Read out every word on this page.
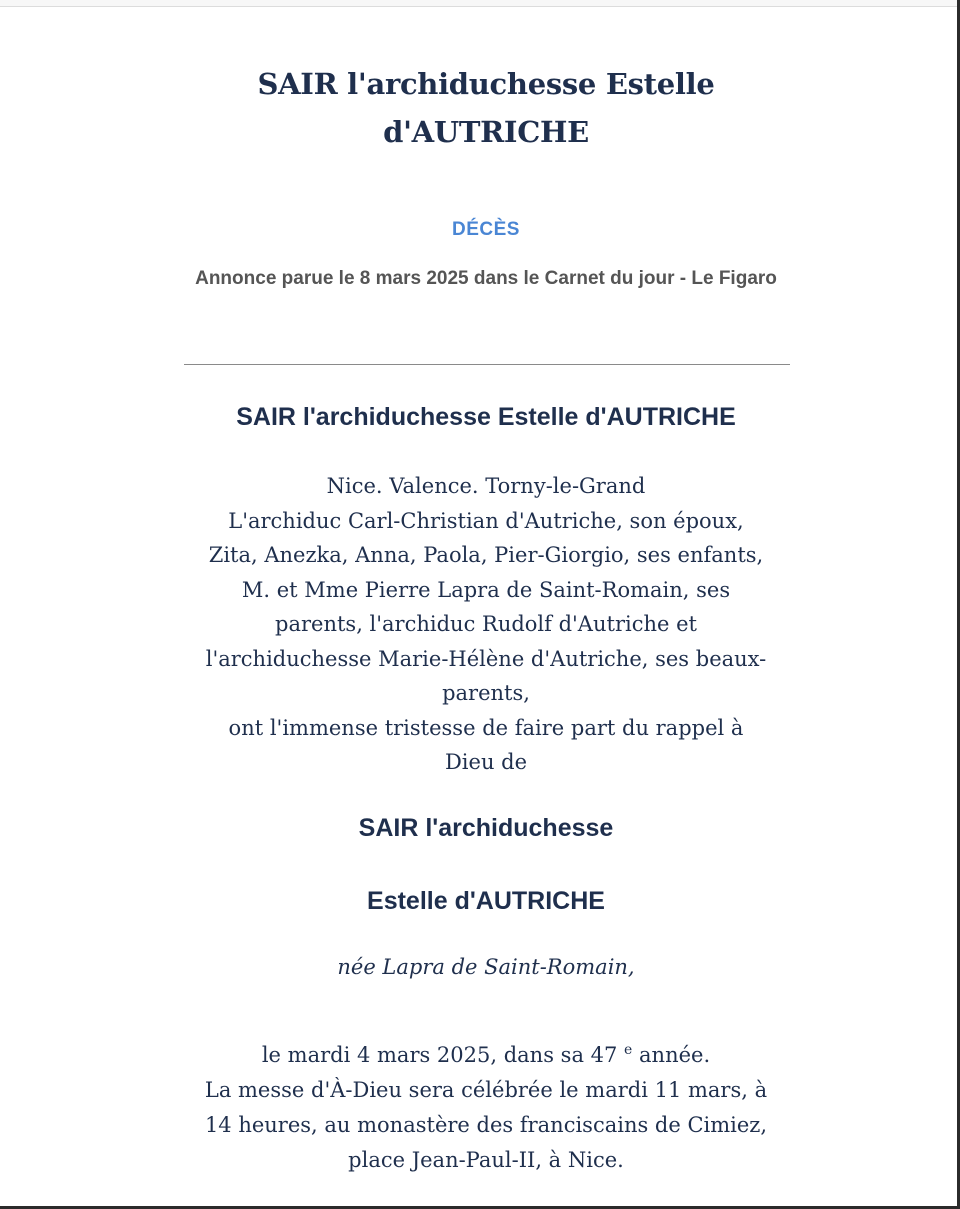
SAIR l'archiduchesse Estelle d'AUTRICHE
DÉCÈS
Annonce parue le 8 mars 2025 dans le Carnet du jour - Le Figaro
SAIR l'archiduchesse Estelle d'AUTRICHE
Nice. Valence. Torny-le-Grand
L'archiduc Carl-Christian d'Autriche, son époux,
Zita, Anezka, Anna, Paola, Pier-Giorgio, ses enfants,
M. et Mme Pierre Lapra de Saint-Romain, ses
parents, l'archiduc Rudolf d'Autriche et
l'archiduchesse Marie-Hélène d'Autriche, ses beaux-
parents,
ont l'immense tristesse de faire part du rappel à
Dieu de
SAIR l'archiduchesse
Estelle d'AUTRICHE
née Lapra de Saint-Romain,
le mardi 4 mars 2025, dans sa 47 $^e$ année.
La messe d'À-Dieu sera célébrée le mardi 11 mars, à
14 heures, au monastère des franciscains de Cimiez,
place Jean-Paul-II, à Nice.
